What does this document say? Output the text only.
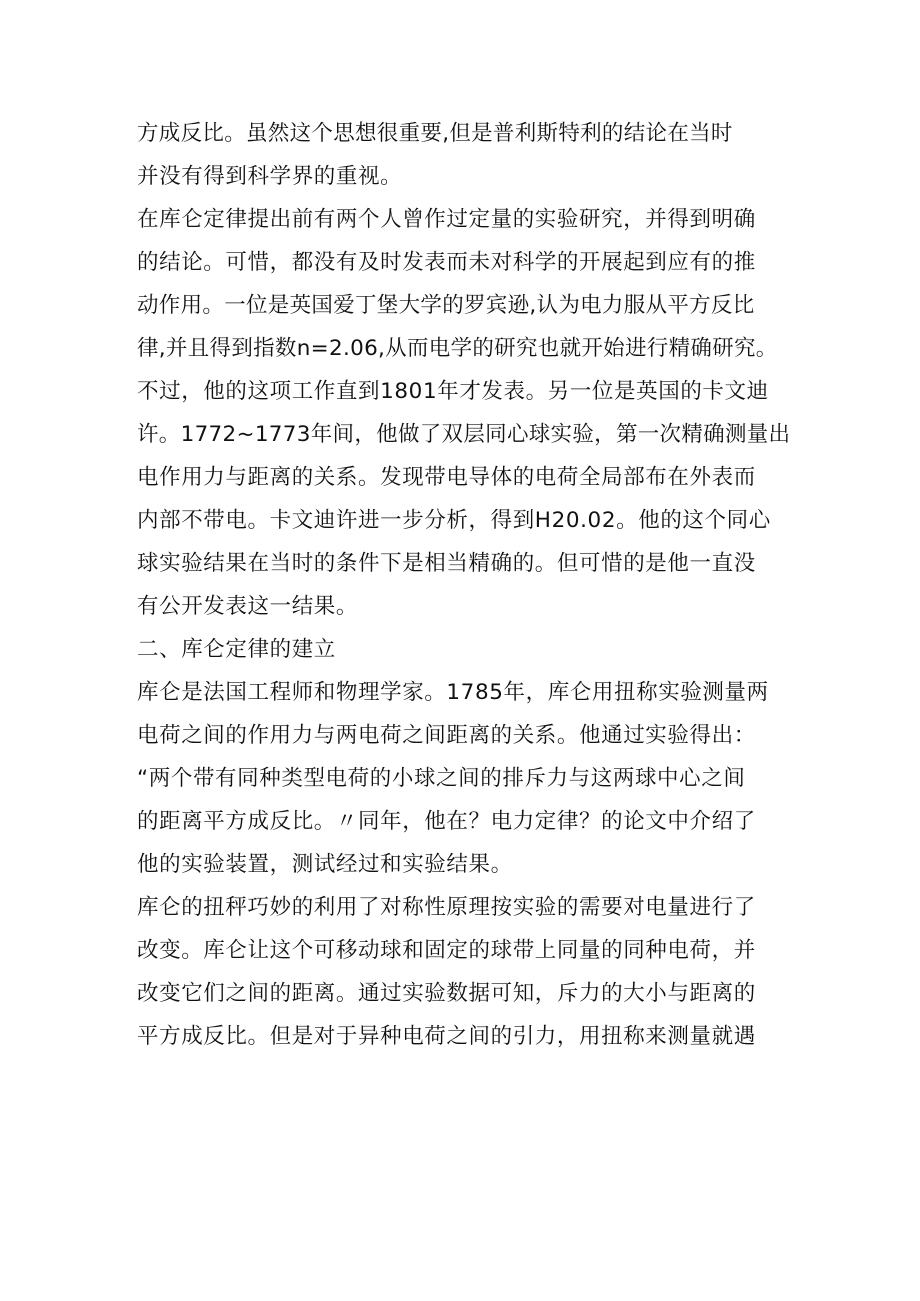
方成反比。虽然这个思想很重要,但是普利斯特利的结论在当时
并没有得到科学界的重视。
在库仑定律提出前有两个人曾作过定量的实验研究，并得到明确
的结论。可惜，都没有及时发表而未对科学的开展起到应有的推
动作用。一位是英国爱丁堡大学的罗宾逊,认为电力服从平方反比
律,并且得到指数n=2.06,从而电学的研究也就开始进行精确研究。
不过，他的这项工作直到1801年才发表。另一位是英国的卡文迪
许。1772~1773年间，他做了双层同心球实验，第一次精确测量出
电作用力与距离的关系。发现带电导体的电荷全局部布在外表而
内部不带电。卡文迪许进一步分析，得到H20.02。他的这个同心
球实验结果在当时的条件下是相当精确的。但可惜的是他一直没
有公开发表这一结果。
二、库仑定律的建立
库仑是法国工程师和物理学家。1785年，库仑用扭称实验测量两
电荷之间的作用力与两电荷之间距离的关系。他通过实验得出：
“两个带有同种类型电荷的小球之间的排斥力与这两球中心之间
的距离平方成反比。〃同年，他在？电力定律？的论文中介绍了
他的实验装置，测试经过和实验结果。
库仑的扭秤巧妙的利用了对称性原理按实验的需要对电量进行了
改变。库仑让这个可移动球和固定的球带上同量的同种电荷，并
改变它们之间的距离。通过实验数据可知，斥力的大小与距离的
平方成反比。但是对于异种电荷之间的引力，用扭称来测量就遇
